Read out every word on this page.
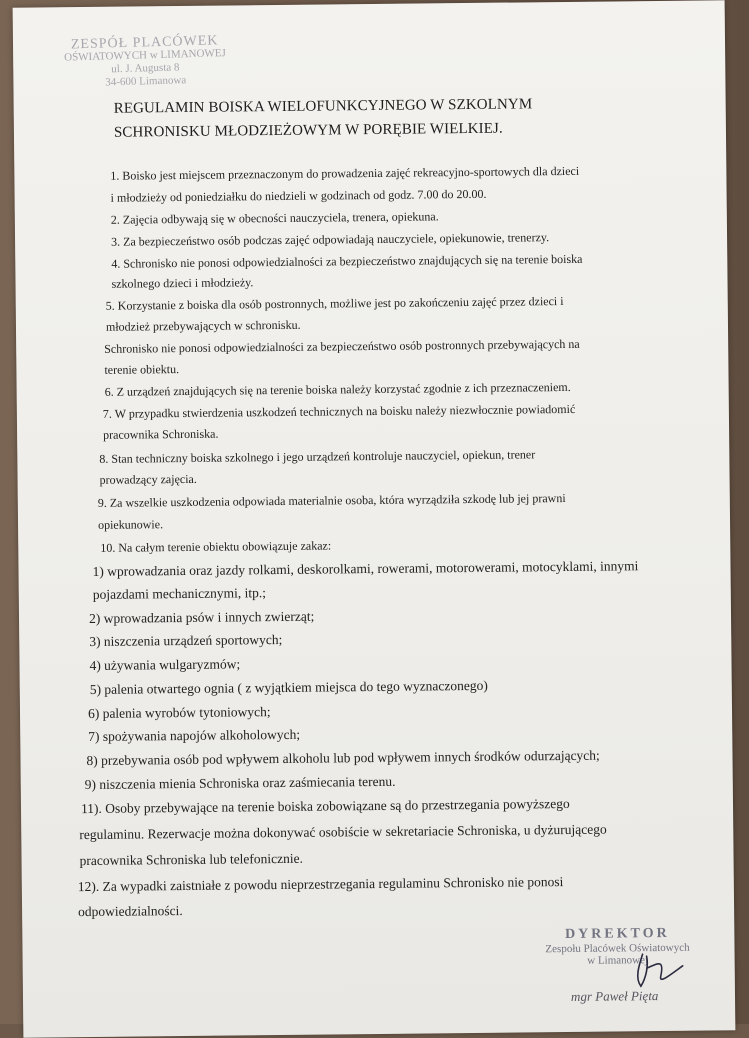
ZESPÓŁ PLACÓWEK
OŚWIATOWYCH w LIMANOWEJ
ul. J. Augusta 8
34-600 Limanowa
REGULAMIN BOISKA WIELOFUNKCYJNEGO W SZKOLNYM
SCHRONISKU MŁODZIEŻOWYM W PORĘBIE WIELKIEJ.
1. Boisko jest miejscem przeznaczonym do prowadzenia zajęć rekreacyjno-sportowych dla dzieci
i młodzieży od poniedziałku do niedzieli w godzinach od godz. 7.00 do 20.00.
2. Zajęcia odbywają się w obecności nauczyciela, trenera, opiekuna.
3. Za bezpieczeństwo osób podczas zajęć odpowiadają nauczyciele, opiekunowie, trenerzy.
4. Schronisko nie ponosi odpowiedzialności za bezpieczeństwo znajdujących się na terenie boiska
szkolnego dzieci i młodzieży.
5. Korzystanie z boiska dla osób postronnych, możliwe jest po zakończeniu zajęć przez dzieci i
młodzież przebywających w schronisku.
Schronisko nie ponosi odpowiedzialności za bezpieczeństwo osób postronnych przebywających na
terenie obiektu.
6. Z urządzeń znajdujących się na terenie boiska należy korzystać zgodnie z ich przeznaczeniem.
7. W przypadku stwierdzenia uszkodzeń technicznych na boisku należy niezwłocznie powiadomić
pracownika Schroniska.
8. Stan techniczny boiska szkolnego i jego urządzeń kontroluje nauczyciel, opiekun, trener
prowadzący zajęcia.
9. Za wszelkie uszkodzenia odpowiada materialnie osoba, która wyrządziła szkodę lub jej prawni
opiekunowie.
10. Na całym terenie obiektu obowiązuje zakaz:
1) wprowadzania oraz jazdy rolkami, deskorolkami, rowerami, motorowerami, motocyklami, innymi
pojazdami mechanicznymi, itp.;
2) wprowadzania psów i innych zwierząt;
3) niszczenia urządzeń sportowych;
4) używania wulgaryzmów;
5) palenia otwartego ognia ( z wyjątkiem miejsca do tego wyznaczonego)
6) palenia wyrobów tytoniowych;
7) spożywania napojów alkoholowych;
8) przebywania osób pod wpływem alkoholu lub pod wpływem innych środków odurzających;
9) niszczenia mienia Schroniska oraz zaśmiecania terenu.
11). Osoby przebywające na terenie boiska zobowiązane są do przestrzegania powyższego
regulaminu. Rezerwacje można dokonywać osobiście w sekretariacie Schroniska, u dyżurującego
pracownika Schroniska lub telefonicznie.
12). Za wypadki zaistniałe z powodu nieprzestrzegania regulaminu Schronisko nie ponosi
odpowiedzialności.
DYREKTOR
Zespołu Placówek Oświatowych
w Limanowej
mgr Paweł Pięta
